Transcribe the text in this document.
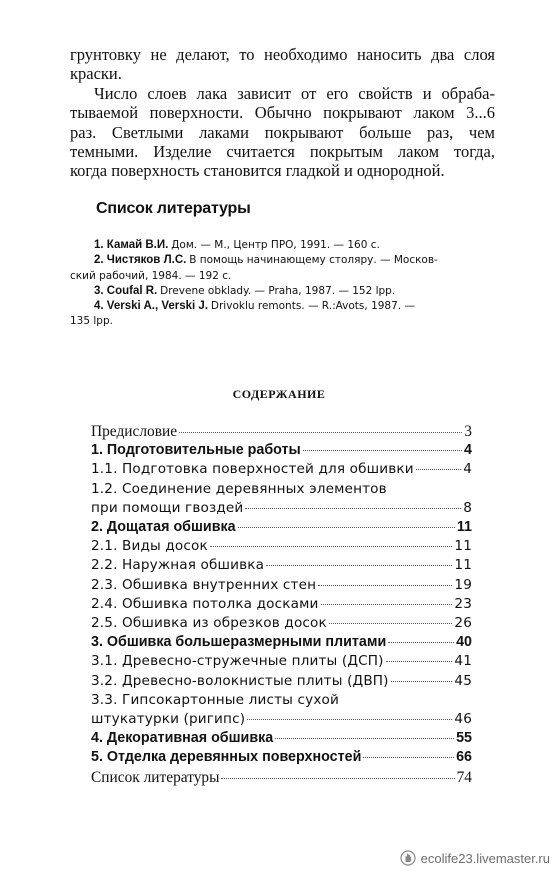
грунтовку не делают, то необходимо наносить два слоя
краски.
Число слоев лака зависит от его свойств и обраба-
тываемой поверхности. Обычно покрывают лаком 3...6
раз. Светлыми лаками покрывают больше раз, чем
темными. Изделие считается покрытым лаком тогда,
когда поверхность становится гладкой и однородной.
Список литературы
1. Камай В.И. Дом. — М., Центр ПРО, 1991. — 160 с.
2. Чистяков Л.С. В помощь начинающему столяру. — Москов-
ский рабочий, 1984. — 192 с.
3. Coufal R. Drevene obklady. — Praha, 1987. — 152 lpp.
4. Verski A., Verski J. Drivoklu remonts. — R.:Avots, 1987. —
135 lpp.
СОДЕРЖАНИЕ
Предисловие	3
1. Подготовительные работы	4
1.1. Подготовка поверхностей для обшивки	4
1.2. Соединение деревянных элементов
при помощи гвоздей	8
2. Дощатая обшивка	11
2.1. Виды досок	11
2.2. Наружная обшивка	11
2.3. Обшивка внутренних стен	19
2.4. Обшивка потолка досками	23
2.5. Обшивка из обрезков досок	26
3. Обшивка большеразмерными плитами	40
3.1. Древесно-стружечные плиты (ДСП)	41
3.2. Древесно-волокнистые плиты (ДВП)	45
3.3. Гипсокартонные листы сухой
штукатурки (ригипс)	46
4. Декоративная обшивка	55
5. Отделка деревянных поверхностей	66
Список литературы	74
ecolife23.livemaster.ru
